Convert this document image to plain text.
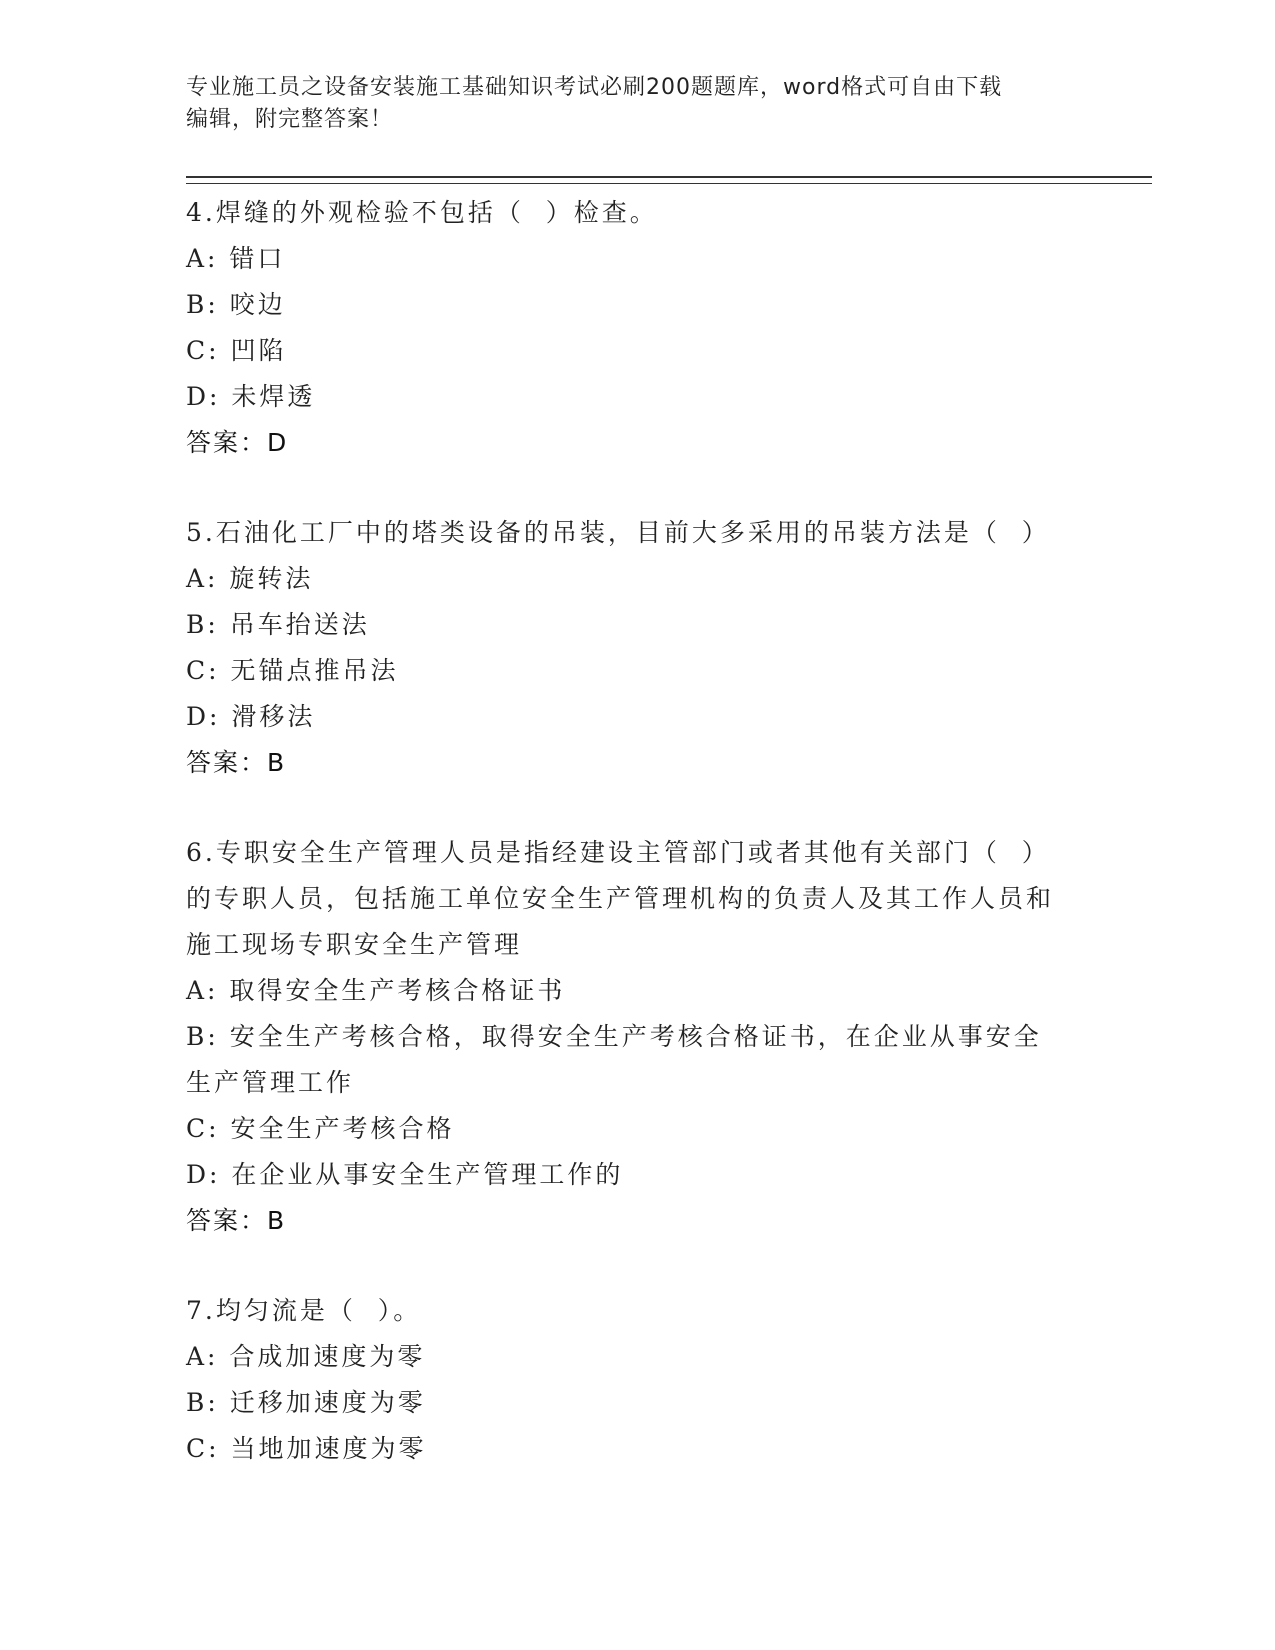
专业施工员之设备安装施工基础知识考试必刷200题题库，word格式可自由下载
编辑，附完整答案！
4.焊缝的外观检验不包括（  ）检查。
A: 错口
B: 咬边
C: 凹陷
D: 未焊透
答案：D
5.石油化工厂中的塔类设备的吊装，目前大多采用的吊装方法是（  ）
A: 旋转法
B: 吊车抬送法
C: 无锚点推吊法
D: 滑移法
答案：B
6.专职安全生产管理人员是指经建设主管部门或者其他有关部门（  ）的专职人员，包括施工单位安全生产管理机构的负责人及其工作人员和施工现场专职安全生产管理
A: 取得安全生产考核合格证书
B: 安全生产考核合格，取得安全生产考核合格证书，在企业从事安全生产管理工作
C: 安全生产考核合格
D: 在企业从事安全生产管理工作的
答案：B
7.均匀流是（  ）。
A: 合成加速度为零
B: 迁移加速度为零
C: 当地加速度为零
